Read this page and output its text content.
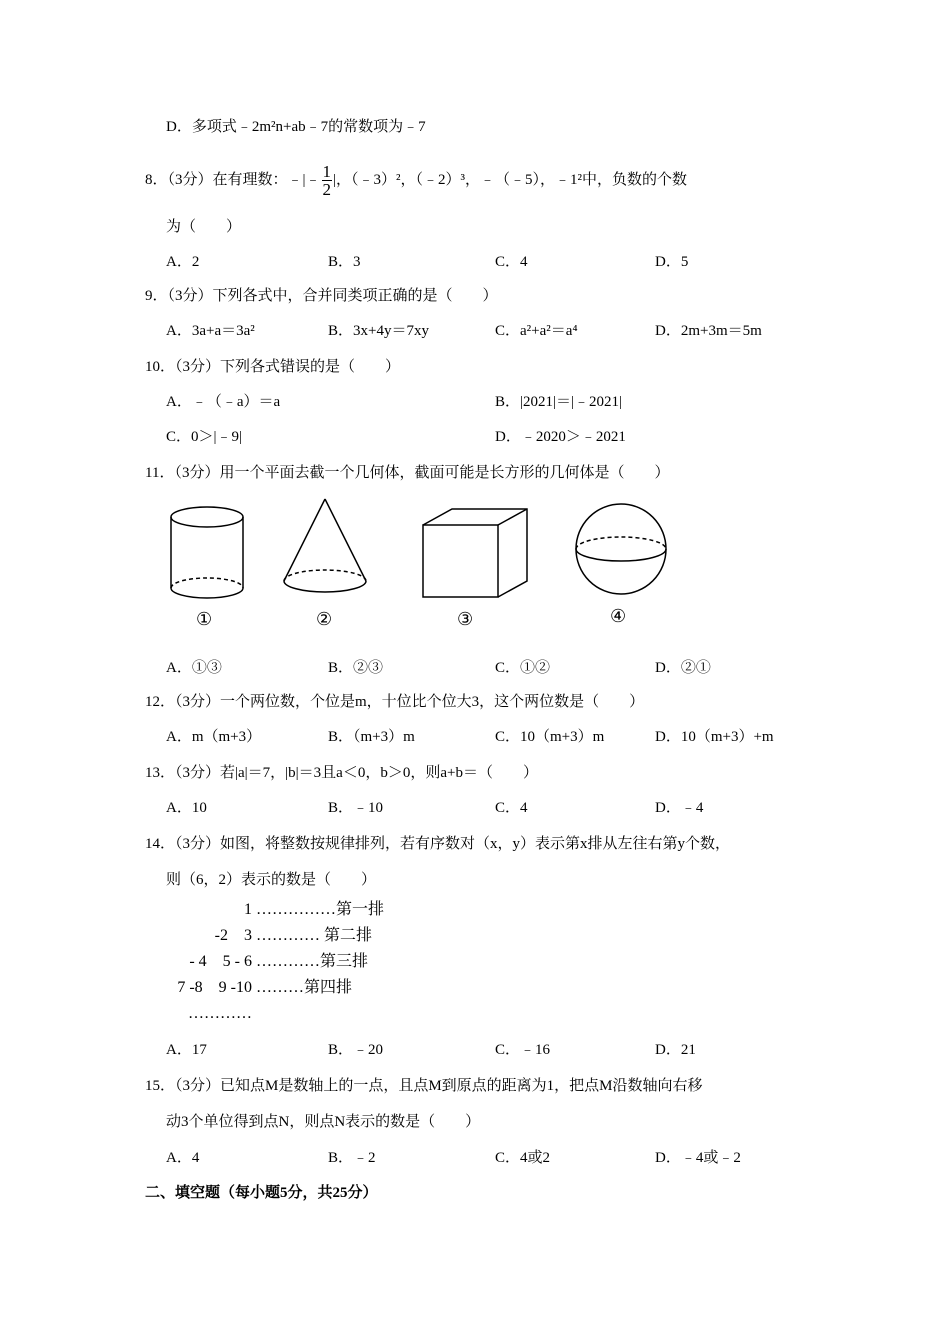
D．多项式﹣2m²n+ab﹣7的常数项为﹣7
8．（3分）在有理数：﹣|﹣ $\frac{1}{2}$ |，（﹣3）²，（﹣2）³，﹣（﹣5），﹣1²中，负数的个数
为（　　）
A．2	B．3	C．4	D．5
9．（3分）下列各式中，合并同类项正确的是（　　）
A．3a+a＝3a²	B．3x+4y＝7xy	C．a²+a²＝a⁴	D．2m+3m＝5m
10．（3分）下列各式错误的是（　　）
A．﹣（﹣a）＝a	B．|2021|＝|﹣2021|
C．0＞|﹣9|	D．﹣2020＞﹣2021
11．（3分）用一个平面去截一个几何体，截面可能是长方形的几何体是（　　）
①	②	③	④
A．①③	B．②③	C．①②	D．②①
12．（3分）一个两位数，个位是m，十位比个位大3，这个两位数是（　　）
A．m（m+3）	B．（m+3）m	C．10（m+3）m	D．10（m+3）+m
13．（3分）若|a|＝7，|b|＝3且a＜0，b＞0，则a+b＝（　　）
A．10	B．﹣10	C．4	D．﹣4
14．（3分）如图，将整数按规律排列，若有序数对（x，y）表示第x排从左往右第y个数，
则（6，2）表示的数是（　　）
1 ……………第一排
-2　3 ………… 第二排
- 4　5 - 6 …………第三排
7 -8　9 -10 ………第四排
…………
A．17	B．﹣20	C．﹣16	D．21
15．（3分）已知点M是数轴上的一点，且点M到原点的距离为1，把点M沿数轴向右移
动3个单位得到点N，则点N表示的数是（　　）
A．4	B．﹣2	C．4或2	D．﹣4或﹣2
二、填空题（每小题5分，共25分）
